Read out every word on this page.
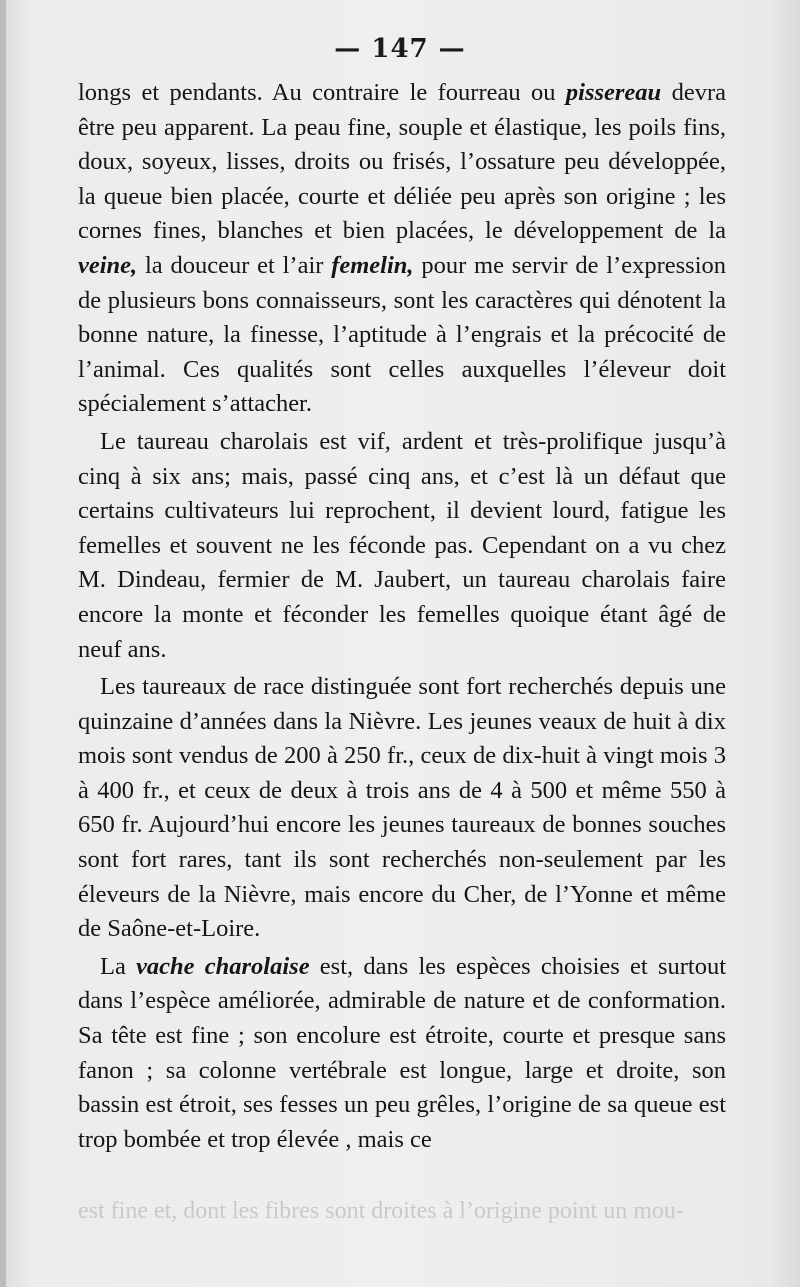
— 147 —

longs et pendants. Au contraire le fourreau ou pissereau devra être peu apparent. La peau fine, souple et élastique, les poils fins, doux, soyeux, lisses, droits ou frisés, l’ossature peu développée, la queue bien placée, courte et déliée peu après son origine ; les cornes fines, blanches et bien placées, le développement de la veine, la douceur et l’air femelin, pour me servir de l’expression de plusieurs bons connaisseurs, sont les caractères qui dénotent la bonne nature, la finesse, l’aptitude à l’engrais et la précocité de l’animal. Ces qualités sont celles auxquelles l’éleveur doit spécialement s’attacher.

Le taureau charolais est vif, ardent et très-prolifique jusqu’à cinq à six ans; mais, passé cinq ans, et c’est là un défaut que certains cultivateurs lui reprochent, il devient lourd, fatigue les femelles et souvent ne les féconde pas. Cependant on a vu chez M. Dindeau, fermier de M. Jaubert, un taureau charolais faire encore la monte et féconder les femelles quoique étant âgé de neuf ans.

Les taureaux de race distinguée sont fort recherchés depuis une quinzaine d’années dans la Nièvre. Les jeunes veaux de huit à dix mois sont vendus de 200 à 250 fr., ceux de dix-huit à vingt mois 3 à 400 fr., et ceux de deux à trois ans de 4 à 500 et même 550 à 650 fr. Aujourd’hui encore les jeunes taureaux de bonnes souches sont fort rares, tant ils sont recherchés non-seulement par les éleveurs de la Nièvre, mais encore du Cher, de l’Yonne et même de Saône-et-Loire.

La vache charolaise est, dans les espèces choisies et surtout dans l’espèce améliorée, admirable de nature et de conformation. Sa tête est fine ; son encolure est étroite, courte et presque sans fanon ; sa colonne vertébrale est longue, large et droite, son bassin est étroit, ses fesses un peu grêles, l’origine de sa queue est trop bombée et trop élevée , mais ce

est fine et, dont les fibres sont droites à l’origine point un mou-
